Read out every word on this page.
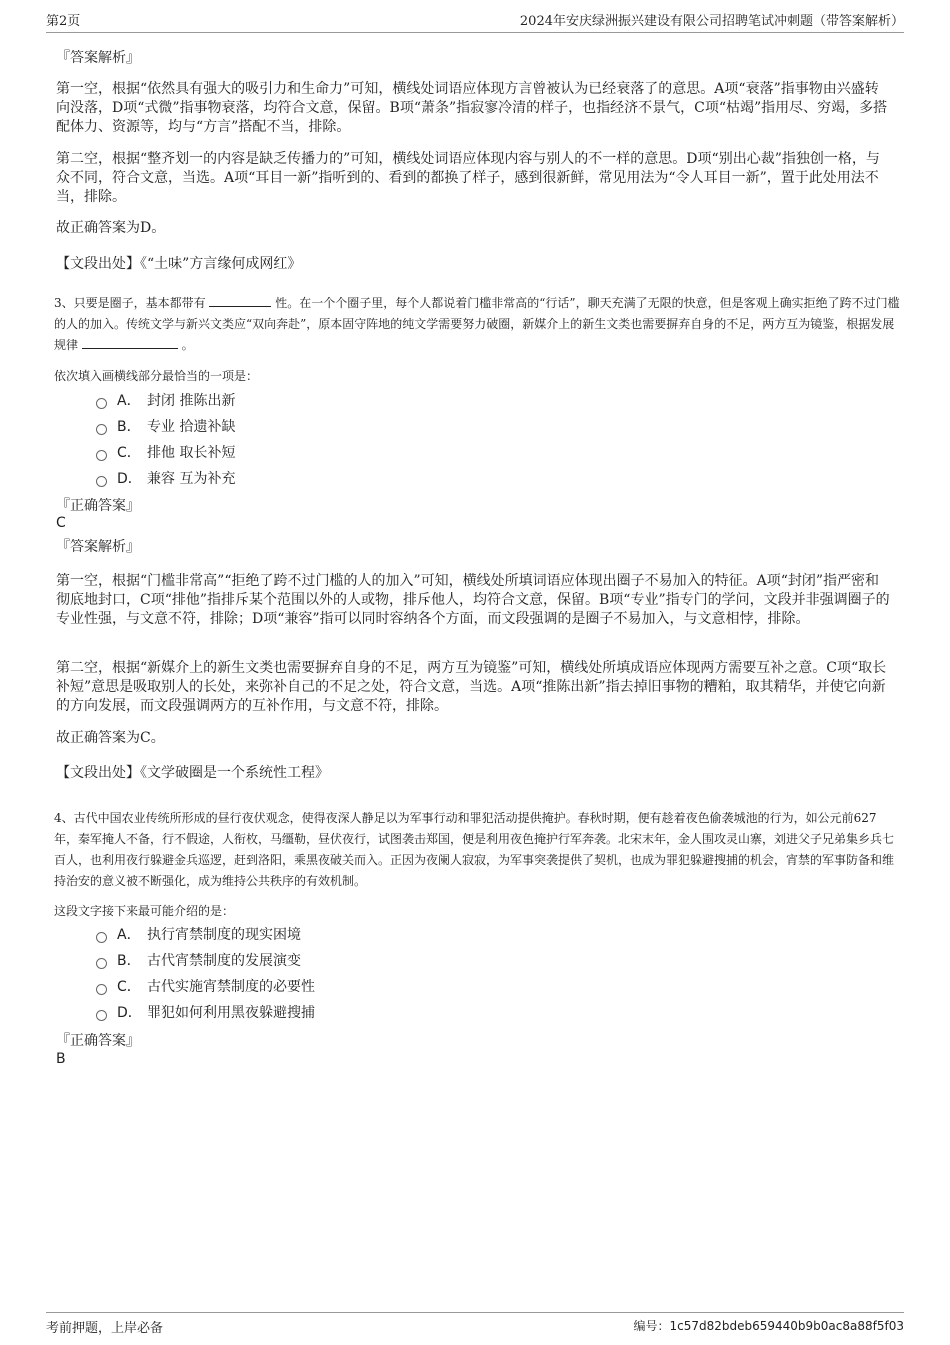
第2页	2024年安庆绿洲振兴建设有限公司招聘笔试冲刺题（带答案解析）
『答案解析』

第一空，根据“依然具有强大的吸引力和生命力”可知，横线处词语应体现方言曾被认为已经衰落了的意思。A项“衰落”指事物由兴盛转向没落，D项“式微”指事物衰落，均符合文意，保留。B项“萧条”指寂寥冷清的样子，也指经济不景气，C项“枯竭”指用尽、穷竭，多搭配体力、资源等，均与“方言”搭配不当，排除。

第二空，根据“整齐划一的内容是缺乏传播力的”可知，横线处词语应体现内容与别人的不一样的意思。D项“别出心裁”指独创一格，与众不同，符合文意，当选。A项“耳目一新”指听到的、看到的都换了样子，感到很新鲜，常见用法为“令人耳目一新”，置于此处用法不当，排除。

故正确答案为D。

【文段出处】《“土味”方言缘何成网红》

3、只要是圈子，基本都带有	性。在一个个圈子里，每个人都说着门槛非常高的“行话”，聊天充满了无限的快意，但是客观上确实拒绝了跨不过门槛的人的加入。传统文学与新兴文类应“双向奔赴”，原本固守阵地的纯文学需要努力破圈，新媒介上的新生文类也需要摒弃自身的不足，两方互为镜鉴，根据发展规律	。

依次填入画横线部分最恰当的一项是：

A． 封闭 推陈出新
B． 专业 拾遗补缺
C． 排他 取长补短
D． 兼容 互为补充
『正确答案』
C
『答案解析』

第一空，根据“门槛非常高”“拒绝了跨不过门槛的人的加入”可知，横线处所填词语应体现出圈子不易加入的特征。A项“封闭”指严密和彻底地封口，C项“排他”指排斥某个范围以外的人或物，排斥他人，均符合文意，保留。B项“专业”指专门的学问，文段并非强调圈子的专业性强，与文意不符，排除；D项“兼容”指可以同时容纳各个方面，而文段强调的是圈子不易加入，与文意相悖，排除。

第二空，根据“新媒介上的新生文类也需要摒弃自身的不足，两方互为镜鉴”可知，横线处所填成语应体现两方需要互补之意。C项“取长补短”意思是吸取别人的长处，来弥补自己的不足之处，符合文意，当选。A项“推陈出新”指去掉旧事物的糟粕，取其精华，并使它向新的方向发展，而文段强调两方的互补作用，与文意不符，排除。

故正确答案为C。

【文段出处】《文学破圈是一个系统性工程》

4、古代中国农业传统所形成的昼行夜伏观念，使得夜深人静足以为军事行动和罪犯活动提供掩护。春秋时期，便有趁着夜色偷袭城池的行为，如公元前627年，秦军掩人不备，行不假途，人衔枚，马缰勒，昼伏夜行，试图袭击郑国，便是利用夜色掩护行军奔袭。北宋末年，金人围攻灵山寨，刘进父子兄弟集乡兵七百人，也利用夜行躲避金兵巡逻，赶到洛阳，乘黑夜破关而入。正因为夜阑人寂寂，为军事突袭提供了契机，也成为罪犯躲避搜捕的机会，宵禁的军事防备和维持治安的意义被不断强化，成为维持公共秩序的有效机制。

这段文字接下来最可能介绍的是：

A． 执行宵禁制度的现实困境
B． 古代宵禁制度的发展演变
C． 古代实施宵禁制度的必要性
D． 罪犯如何利用黑夜躲避搜捕
『正确答案』
B
考前押题，上岸必备	编号：1c57d82bdeb659440b9b0ac8a88f5f03
